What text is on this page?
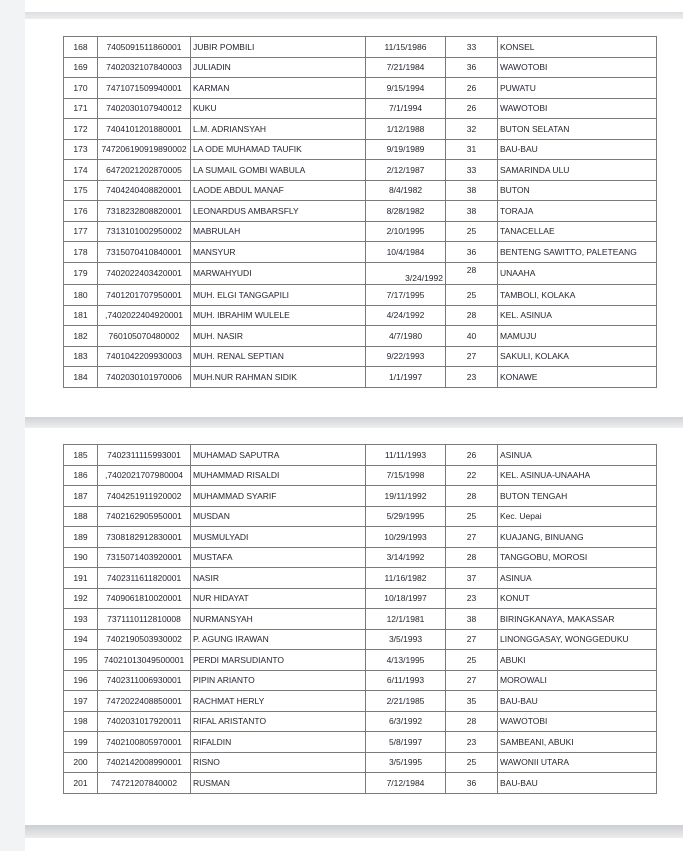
168	7405091511860001	JUBIR POMBILI	11/15/1986	33	KONSEL
169	7402032107840003	JULIADIN	7/21/1984	36	WAWOTOBI
170	7471071509940001	KARMAN	9/15/1994	26	PUWATU
171	7402030107940012	KUKU	7/1/1994	26	WAWOTOBI
172	7404101201880001	L.M. ADRIANSYAH	1/12/1988	32	BUTON SELATAN
173	747206190919890002	LA ODE MUHAMAD TAUFIK	9/19/1989	31	BAU-BAU
174	6472021202870005	LA SUMAIL GOMBI WABULA	2/12/1987	33	SAMARINDA ULU
175	7404240408820001	LAODE ABDUL MANAF	8/4/1982	38	BUTON
176	7318232808820001	LEONARDUS AMBARSFLY	8/28/1982	38	TORAJA
177	7313101002950002	MABRULAH	2/10/1995	25	TANACELLAE
178	7315070410840001	MANSYUR	10/4/1984	36	BENTENG SAWITTO, PALETEANG
179	7402022403420001	MARWAHYUDI	3/24/1992	28	UNAAHA
180	7401201707950001	MUH. ELGI TANGGAPILI	7/17/1995	25	TAMBOLI, KOLAKA
181	,7402022404920001	MUH. IBRAHIM WULELE	4/24/1992	28	KEL. ASINUA
182	760105070480002	MUH. NASIR	4/7/1980	40	MAMUJU
183	7401042209930003	MUH. RENAL SEPTIAN	9/22/1993	27	SAKULI, KOLAKA
184	7402030101970006	MUH.NUR RAHMAN SIDIK	1/1/1997	23	KONAWE
185	7402311115993001	MUHAMAD SAPUTRA	11/11/1993	26	ASINUA
186	,7402021707980004	MUHAMMAD RISALDI	7/15/1998	22	KEL. ASINUA-UNAAHA
187	7404251911920002	MUHAMMAD SYARIF	19/11/1992	28	BUTON TENGAH
188	7402162905950001	MUSDAN	5/29/1995	25	Kec. Uepai
189	7308182912830001	MUSMULYADI	10/29/1993	27	KUAJANG, BINUANG
190	7315071403920001	MUSTAFA	3/14/1992	28	TANGGOBU, MOROSI
191	7402311611820001	NASIR	11/16/1982	37	ASINUA
192	7409061810020001	NUR HIDAYAT	10/18/1997	23	KONUT
193	7371110112810008	NURMANSYAH	12/1/1981	38	BIRINGKANAYA, MAKASSAR
194	7402190503930002	P. AGUNG IRAWAN	3/5/1993	27	LINONGGASAY, WONGGEDUKU
195	74021013049500001	PERDI MARSUDIANTO	4/13/1995	25	ABUKI
196	7402311006930001	PIPIN ARIANTO	6/11/1993	27	MOROWALI
197	7472022408850001	RACHMAT HERLY	2/21/1985	35	BAU-BAU
198	7402031017920011	RIFAL ARISTANTO	6/3/1992	28	WAWOTOBI
199	7402100805970001	RIFALDIN	5/8/1997	23	SAMBEANI, ABUKI
200	7402142008990001	RISNO	3/5/1995	25	WAWONII UTARA
201	74721207840002	RUSMAN	7/12/1984	36	BAU-BAU
